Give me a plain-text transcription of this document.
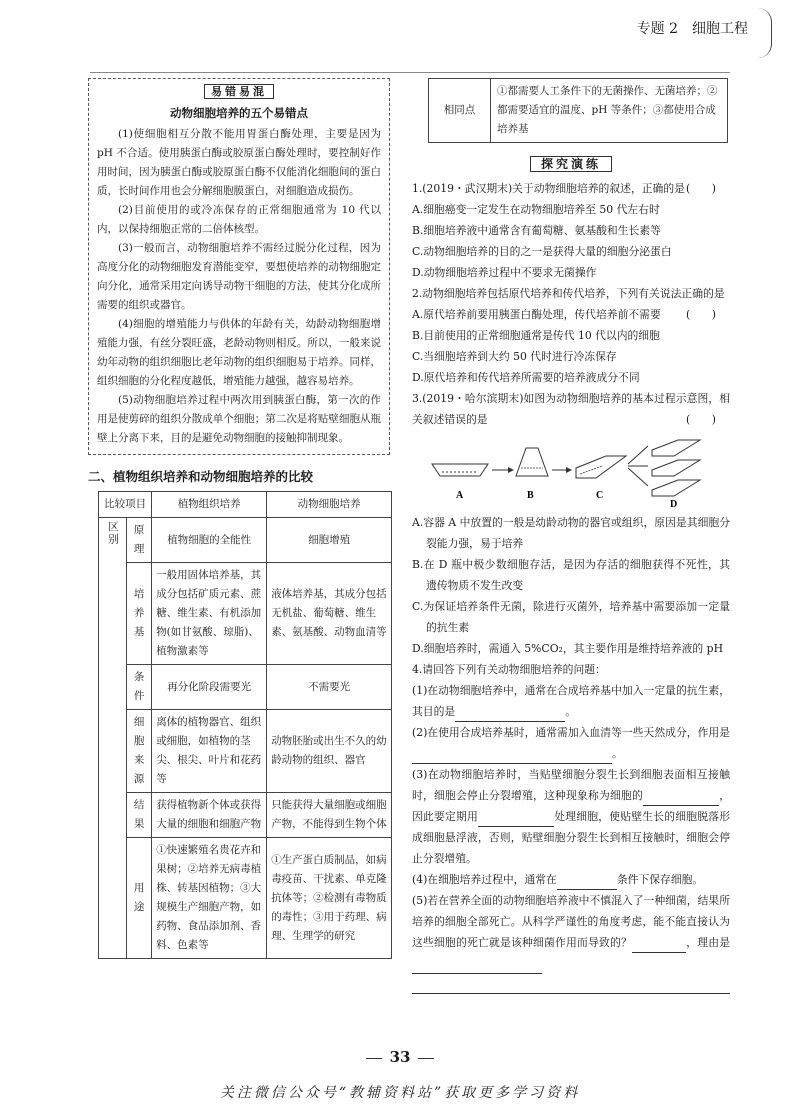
专题 2　细胞工程
易错易混
动物细胞培养的五个易错点

(1)使细胞相互分散不能用胃蛋白酶处理，主要是因为 pH 不合适。使用胰蛋白酶或胶原蛋白酶处理时，要控制好作用时间，因为胰蛋白酶或胶原蛋白酶不仅能消化细胞间的蛋白质，长时间作用也会分解细胞膜蛋白，对细胞造成损伤。

(2)目前使用的或冷冻保存的正常细胞通常为 10 代以内，以保持细胞正常的二倍体核型。

(3)一般而言，动物细胞培养不需经过脱分化过程，因为高度分化的动物细胞发育潜能变窄，要想使培养的动物细胞定向分化，通常采用定向诱导动物干细胞的方法，使其分化成所需要的组织或器官。

(4)细胞的增殖能力与供体的年龄有关，幼龄动物细胞增殖能力强，有丝分裂旺盛，老龄动物则相反。所以，一般来说幼年动物的组织细胞比老年动物的组织细胞易于培养。同样，组织细胞的分化程度越低，增殖能力越强，越容易培养。

(5)动物细胞培养过程中两次用到胰蛋白酶，第一次的作用是使剪碎的组织分散成单个细胞；第二次是将贴壁细胞从瓶壁上分离下来，目的是避免动物细胞的接触抑制现象。

二、植物组织培养和动物细胞培养的比较
比较项目		植物组织培养	动物细胞培养
区别	原理	植物细胞的全能性	细胞增殖
	培养基	一般用固体培养基，其成分包括矿质元素、蔗糖、维生素、有机添加物(如甘氨酸、琼脂)、植物激素等	液体培养基，其成分包括无机盐、葡萄糖、维生素、氨基酸、动物血清等
	条件	再分化阶段需要光	不需要光
	细胞来源	离体的植物器官、组织或细胞，如植物的茎尖、根尖、叶片和花药等	动物胚胎或出生不久的幼龄动物的组织、器官
	结果	获得植物新个体或获得大量的细胞和细胞产物	只能获得大量细胞或细胞产物，不能得到生物个体
	用途	①快速繁殖名贵花卉和果树；②培养无病毒植株、转基因植物；③大规模生产细胞产物，如药物、食品添加剂、香料、色素等	①生产蛋白质制品，如病毒疫苗、干扰素、单克隆抗体等；②检测有毒物质的毒性；③用于药理、病理、生理学的研究
相同点	①都需要人工条件下的无菌操作、无菌培养；②都需要适宜的温度、pH 等条件；③都使用合成培养基
探究演练
1.(2019・武汉期末)关于动物细胞培养的叙述，正确的是 (　　)
A.细胞癌变一定发生在动物细胞培养至 50 代左右时
B.细胞培养液中通常含有葡萄糖、氨基酸和生长素等
C.动物细胞培养的目的之一是获得大量的细胞分泌蛋白
D.动物细胞培养过程中不要求无菌操作
2.动物细胞培养包括原代培养和传代培养，下列有关说法正确的是
(　　)
A.原代培养前要用胰蛋白酶处理，传代培养前不需要
B.目前使用的正常细胞通常是传代 10 代以内的细胞
C.当细胞培养到大约 50 代时进行冷冻保存
D.原代培养和传代培养所需要的培养液成分不同
3.(2019・哈尔滨期末)如图为动物细胞培养的基本过程示意图，相关叙述错误的是	(　　)
A	B	C
D
A.容器 A 中放置的一般是幼龄动物的器官或组织，原因是其细胞分裂能力强，易于培养
B.在 D 瓶中极少数细胞存活，是因为存活的细胞获得不死性，其遗传物质不发生改变
C.为保证培养条件无菌，除进行灭菌外，培养基中需要添加一定量的抗生素
D.细胞培养时，需通入 5%CO₂，其主要作用是维持培养液的 pH
4.请回答下列有关动物细胞培养的问题：
(1)在动物细胞培养中，通常在合成培养基中加入一定量的抗生素，其目的是	。
(2)在使用合成培养基时，通常需加入血清等一些天然成分，作用是。
(3)在动物细胞培养时，当贴壁细胞分裂生长到细胞表面相互接触时，细胞会停止分裂增殖，这种现象称为细胞的	，因此要定期用	处理细胞，使贴壁生长的细胞脱落形成细胞悬浮液，否则，贴壁细胞分裂生长到相互接触时，细胞会停止分裂增殖。
(4)在细胞培养过程中，通常在	条件下保存细胞。
(5)若在营养全面的动物细胞培养液中不慎混入了一种细菌，结果所培养的细胞全部死亡。从科学严谨性的角度考虑，能不能直接认为这些细胞的死亡就是该种细菌作用而导致的？	，理由是
33
关注微信公众号“教辅资料站”获取更多学习资料
